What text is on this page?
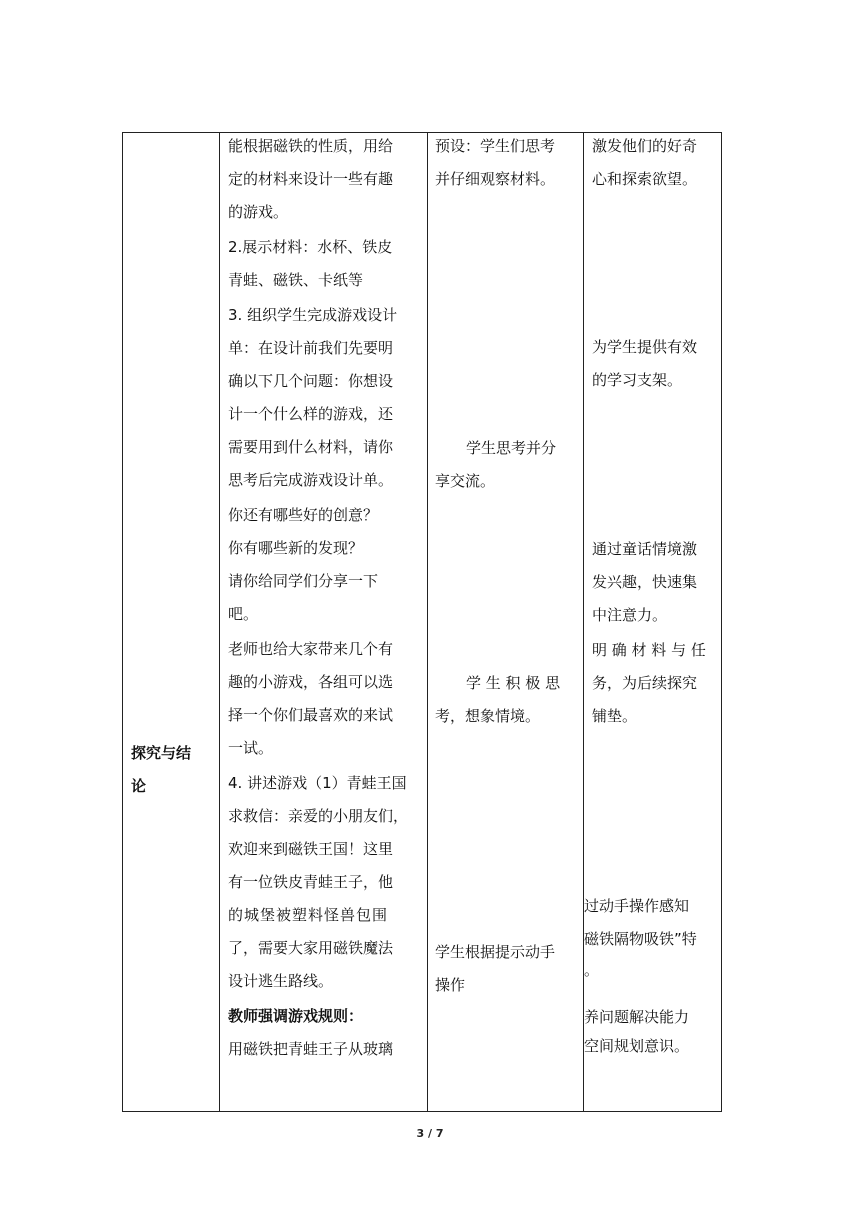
探究与结
论
能根据磁铁的性质，用给
定的材料来设计一些有趣
的游戏。
2.展示材料：水杯、铁皮
青蛙、磁铁、卡纸等
3. 组织学生完成游戏设计
单：在设计前我们先要明
确以下几个问题：你想设
计一个什么样的游戏，还
需要用到什么材料，请你
思考后完成游戏设计单。
你还有哪些好的创意？
你有哪些新的发现？
请你给同学们分享一下
吧。
老师也给大家带来几个有
趣的小游戏，各组可以选
择一个你们最喜欢的来试
一试。
4. 讲述游戏（1）青蛙王国
求救信：亲爱的小朋友们，
欢迎来到磁铁王国！这里
有一位铁皮青蛙王子，他
的城堡被塑料怪兽包围
了，需要大家用磁铁魔法
设计逃生路线。
教师强调游戏规则：
用磁铁把青蛙王子从玻璃
预设：学生们思考
并仔细观察材料。
学生思考并分
享交流。
学 生 积 极 思
考，想象情境。
学生根据提示动手
操作
激发他们的好奇
心和探索欲望。
为学生提供有效
的学习支架。
通过童话情境激
发兴趣，快速集
中注意力。
明 确 材 料 与 任
务，为后续探究
铺垫。
过动手操作感知
磁铁隔物吸铁”特
。
养问题解决能力
空间规划意识。
3 / 7
